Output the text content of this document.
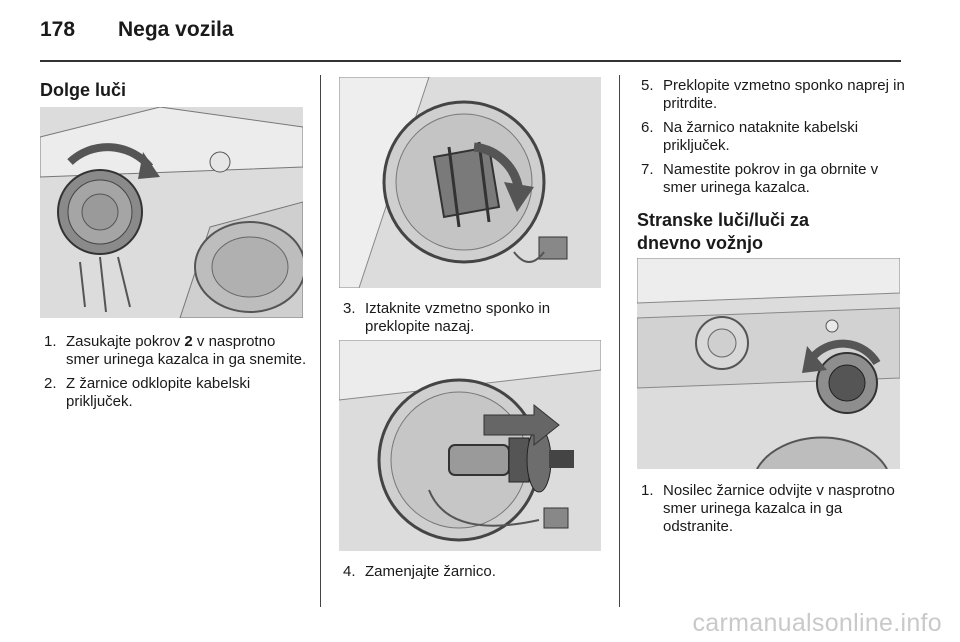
178	Nega vozila
Dolge luči
1. Zasukajte pokrov 2 v nasprotno smer urinega kazalca in ga snemite.
2. Z žarnice odklopite kabelski priključek.
3. Iztaknite vzmetno sponko in preklopite nazaj.
4. Zamenjajte žarnico.
5. Preklopite vzmetno sponko naprej in pritrdite.
6. Na žarnico nataknite kabelski priključek.
7. Namestite pokrov in ga obrnite v smer urinega kazalca.
Stranske luči/luči za dnevno vožnjo
1. Nosilec žarnice odvijte v nasprotno smer urinega kazalca in ga odstranite.
carmanualsonline.info
